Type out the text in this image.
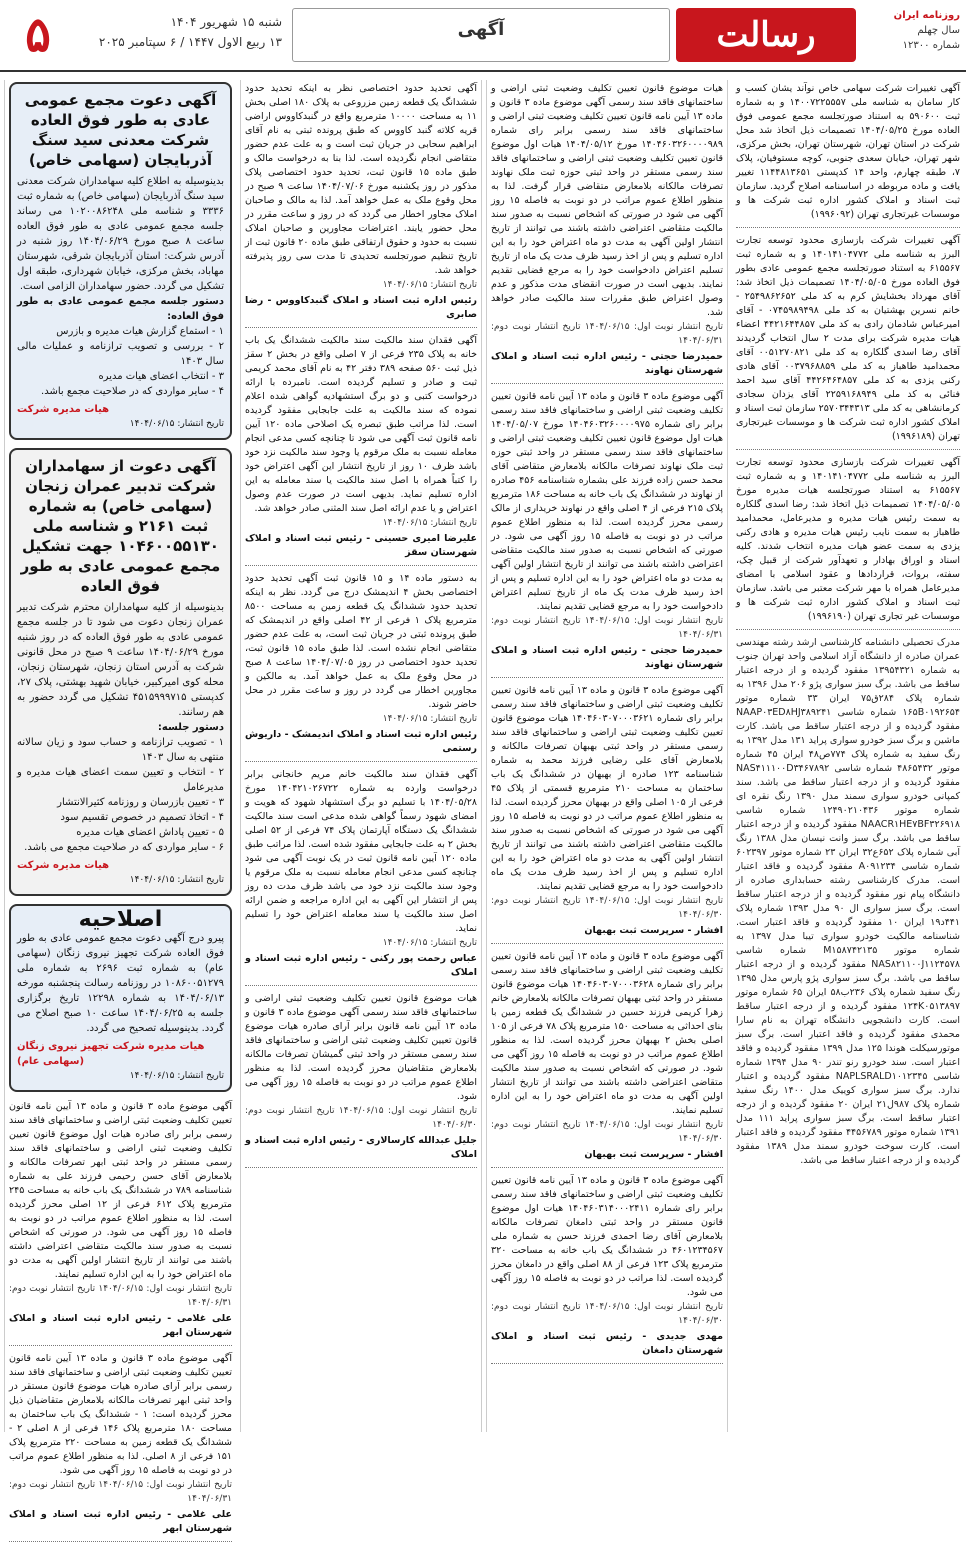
۵	شنبه ۱۵ شهریور ۱۴۰۴
۱۳ ربیع الاول ۱۴۴۷ / ۶ سپتامبر ۲۰۲۵
آگهی	رسالت	روزنامه ایران
سال چهلم
شماره ۱۲۳۰۰
آگهی تغییرات شرکت سهامی خاص نوآند یشان کسب و کار سامان به شناسه ملی ۱۴۰۰۷۲۲۵۵۵۷ و به شماره ثبت ۵۹۰۶۰۰ به استناد صورتجلسه مجمع عمومی فوق العاده مورخ ۱۴۰۴/۰۵/۲۵ تصمیمات ذیل اتخاذ شد محل شرکت در استان تهران، شهرستان تهران، بخش مرکزی، شهر تهران، خیابان سعدی جنوبی، کوچه مستوفیان، پلاک ۷، طبقه چهارم، واحد ۱۴ کدپستی ۱۱۴۴۸۱۳۶۵۱ تغییر یافت و ماده مربوطه در اساسنامه اصلاح گردید. سازمان ثبت اسناد و املاک کشور اداره ثبت شرکت ها و موسسات غیرتجاری تهران (۱۹۹۶۰۹۲)
آگهی تغییرات شرکت بازسازی محدود توسعه تجارت البرز به شناسه ملی ۱۴۰۱۴۱۰۴۷۷۲ و به شماره ثبت ۶۱۵۵۶۷ به استناد صورتجلسه مجمع عمومی عادی بطور فوق العاده مورخ ۱۴۰۴/۰۵/۰۵ تصمیمات ذیل اتخاذ شد: آقای مهرداد بخشایش کرم به کد ملی ۲۵۴۹۸۶۲۶۵۲ - خانم نسرین بهشتیان به کد ملی ۰۷۴۵۹۸۹۴۹۸ - آقای امیرعباس شادمان رادی به کد ملی ۴۴۲۱۶۴۴۸۵۷ اعضاء هیات مدیره شرکت برای مدت ۲ سال انتخاب گردیدند آقای رضا اسدی گلکاره به کد ملی ۰۰۵۱۲۷۰۸۲۱ آقای محمدامید طاهباز به کد ملی ۰۰۳۷۹۶۸۸۵۹ آقای هادی رکنی یزدی به کد ملی ۴۴۲۶۴۶۴۸۵۷ آقای سید احمد فنائی به کد ملی ۲۲۵۹۱۶۸۹۴۹ آقای یزدان سجادی کرمانشاهی به کد ملی ۲۵۷۰۳۴۴۳۱۳ سازمان ثبت اسناد و املاک کشور اداره ثبت شرکت ها و موسسات غیرتجاری تهران (۱۹۹۶۱۸۹)
آگهی تغییرات شرکت بازسازی محدود توسعه تجارت البرز به شناسه ملی ۱۴۰۱۴۱۰۴۷۷۲ و به شماره ثبت ۶۱۵۵۶۷ به استناد صورتجلسه هیات مدیره مورخ ۱۴۰۴/۰۵/۰۵ تصمیمات ذیل اتخاذ شد: رضا اسدی گلکاره به سمت رئیس هیات مدیره و مدیرعامل، محمدامید طاهباز به سمت نایب رئیس هیات مدیره و هادی رکنی یزدی به سمت عضو هیات مدیره انتخاب شدند. کلیه اسناد و اوراق بهادار و تعهدآور شرکت از قبیل چک، سفته، بروات، قراردادها و عقود اسلامی با امضای مدیرعامل همراه با مهر شرکت معتبر می باشد. سازمان ثبت اسناد و املاک کشور اداره ثبت شرکت ها و موسسات غیر تجاری تهران (۱۹۹۶۱۹۰)
مدرک تحصیلی دانشنامه کارشناسی ارشد رشته مهندسی عمران صادره از دانشگاه آزاد اسلامی واحد تهران جنوب به شماره ۱۳۹۵۴۳۲۱ مفقود گردیده و از درجه اعتبار ساقط می باشد. برگ سبز سواری پژو ۲۰۶ مدل ۱۳۹۶ به شماره پلاک ۲۸۴ق۷۵ ایران ۳۳ شماره موتور ۱۶۵B۰۱۹۲۶۵۴ شماره شاسی NAAP۰۳ED۸HJ۳۸۹۲۴۱ مفقود گردیده و از درجه اعتبار ساقط می باشد. کارت ماشین و برگ سبز خودرو سواری پراید ۱۳۱ مدل ۱۳۹۲ به رنگ سفید به شماره پلاک ۷۷۴ص۴۸ ایران ۴۵ شماره موتور ۴۸۶۵۴۳۲ شماره شاسی NAS۴۱۱۱۰۰D۳۴۶۷۸۹۲ مفقود گردیده و از درجه اعتبار ساقط می باشد. سند کمپانی خودرو سواری سمند مدل ۱۳۹۰ رنگ نقره ای شماره موتور ۱۲۴۹۰۲۱۰۴۳۶ شماره شاسی NAACR۱HE۷BF۳۲۶۹۱۸ مفقود گردیده و از درجه اعتبار ساقط می باشد. برگ سبز وانت نیسان مدل ۱۳۸۸ رنگ آبی شماره پلاک ۶۵۲ع۳۲ ایران ۲۳ شماره موتور ۶۰۲۳۹۷ شماره شاسی A۰۹۱۲۳۴ مفقود گردیده و فاقد اعتبار است. مدرک کارشناسی رشته حسابداری صادره از دانشگاه پیام نور مفقود گردیده و از درجه اعتبار ساقط است. برگ سبز سواری ال ۹۰ مدل ۱۳۹۳ شماره پلاک ۴۴۱د۱۹ ایران ۱۰ مفقود گردیده و فاقد اعتبار است. شناسنامه مالکیت خودرو سواری تیبا مدل ۱۳۹۷ به شماره موتور M۱۵۸۷۴۲۱۳۵ شماره شاسی NAS۸۲۱۱۰۰J۱۱۲۴۵۷۸ مفقود گردیده و از درجه اعتبار ساقط می باشد. برگ سبز سواری پژو پارس مدل ۱۳۹۵ رنگ سفید شماره پلاک ۲۳۶ب۵۸ ایران ۶۵ شماره موتور ۱۲۴K۰۵۱۳۸۹۷ مفقود گردیده و از درجه اعتبار ساقط است. کارت دانشجویی دانشگاه تهران به نام سارا محمدی مفقود گردیده و فاقد اعتبار است. برگ سبز موتورسیکلت هوندا ۱۲۵ مدل ۱۳۹۹ مفقود گردیده و فاقد اعتبار است. سند خودرو رنو تندر ۹۰ مدل ۱۳۹۴ شماره شاسی NAPLSRALD۱۰۱۲۳۴۵ مفقود گردیده و اعتبار ندارد. برگ سبز سواری کوییک مدل ۱۴۰۰ رنگ سفید شماره پلاک ۹۸۷ل۲۱ ایران ۲۰ مفقود گردیده و از درجه اعتبار ساقط است. برگ سبز سواری پراید ۱۱۱ مدل ۱۳۹۱ شماره موتور ۴۴۵۶۷۸۹ مفقود گردیده و فاقد اعتبار است. کارت سوخت خودرو سمند مدل ۱۳۸۹ مفقود گردیده و از درجه اعتبار ساقط می باشد.
هیات موضوع قانون تعیین تکلیف وضعیت ثبتی اراضی و ساختمانهای فاقد سند رسمی آگهی موضوع ماده ۳ قانون و ماده ۱۳ آیین نامه قانون تعیین تکلیف وضعیت ثبتی اراضی و ساختمانهای فاقد سند رسمی برابر رای شماره ۱۴۰۴۶۰۳۲۶۰۰۰۰۹۸۹ مورخ ۱۴۰۴/۰۵/۱۲ هیات اول موضوع قانون تعیین تکلیف وضعیت ثبتی اراضی و ساختمانهای فاقد سند رسمی مستقر در واحد ثبتی حوزه ثبت ملک نهاوند تصرفات مالکانه بلامعارض متقاضی قرار گرفت. لذا به منظور اطلاع عموم مراتب در دو نوبت به فاصله ۱۵ روز آگهی می شود در صورتی که اشخاص نسبت به صدور سند مالکیت متقاضی اعتراضی داشته باشند می توانند از تاریخ انتشار اولین آگهی به مدت دو ماه اعتراض خود را به این اداره تسلیم و پس از اخذ رسید ظرف مدت یک ماه از تاریخ تسلیم اعتراض دادخواست خود را به مرجع قضایی تقدیم نمایند. بدیهی است در صورت انقضای مدت مذکور و عدم وصول اعتراض طبق مقررات سند مالکیت صادر خواهد شد.
تاریخ انتشار نوبت اول: ۱۴۰۴/۰۶/۱۵ تاریخ انتشار نوبت دوم: ۱۴۰۴/۰۶/۳۱
حمیدرضا حجتی - رئیس اداره ثبت اسناد و املاک شهرستان نهاوند
آگهی موضوع ماده ۳ قانون و ماده ۱۳ آیین نامه قانون تعیین تکلیف وضعیت ثبتی اراضی و ساختمانهای فاقد سند رسمی برابر رای شماره ۱۴۰۴۶۰۳۲۶۰۰۰۰۹۷۵ مورخ ۱۴۰۴/۰۵/۰۷ هیات اول موضوع قانون تعیین تکلیف وضعیت ثبتی اراضی و ساختمانهای فاقد سند رسمی مستقر در واحد ثبتی حوزه ثبت ملک نهاوند تصرفات مالکانه بلامعارض متقاضی آقای محمد حسن زاده فرزند علی بشماره شناسنامه ۴۵۶ صادره از نهاوند در ششدانگ یک باب خانه به مساحت ۱۸۶ مترمربع پلاک ۲۱۵ فرعی از ۴ اصلی واقع در نهاوند خریداری از مالک رسمی محرز گردیده است. لذا به منظور اطلاع عموم مراتب در دو نوبت به فاصله ۱۵ روز آگهی می شود. در صورتی که اشخاص نسبت به صدور سند مالکیت متقاضی اعتراضی داشته باشند می توانند از تاریخ انتشار اولین آگهی به مدت دو ماه اعتراض خود را به این اداره تسلیم و پس از اخذ رسید ظرف مدت یک ماه از تاریخ تسلیم اعتراض دادخواست خود را به مرجع قضایی تقدیم نمایند.
تاریخ انتشار نوبت اول: ۱۴۰۴/۰۶/۱۵ تاریخ انتشار نوبت دوم: ۱۴۰۴/۰۶/۳۱
حمیدرضا حجتی - رئیس اداره ثبت اسناد و املاک شهرستان نهاوند
آگهی موضوع ماده ۳ قانون و ماده ۱۳ آیین نامه قانون تعیین تکلیف وضعیت ثبتی اراضی و ساختمانهای فاقد سند رسمی برابر رای شماره ۱۴۰۴۶۰۳۰۷۰۰۰۳۶۲۱ هیات موضوع قانون تعیین تکلیف وضعیت ثبتی اراضی و ساختمانهای فاقد سند رسمی مستقر در واحد ثبتی بهبهان تصرفات مالکانه و بلامعارض آقای علی رضایی فرزند محمد به شماره شناسنامه ۱۲۳ صادره از بهبهان در ششدانگ یک باب ساختمان به مساحت ۲۱۰ مترمربع قسمتی از پلاک ۴۵ فرعی از ۱۰۵ اصلی واقع در بهبهان محرز گردیده است. لذا به منظور اطلاع عموم مراتب در دو نوبت به فاصله ۱۵ روز آگهی می شود در صورتی که اشخاص نسبت به صدور سند مالکیت متقاضی اعتراضی داشته باشند می توانند از تاریخ انتشار اولین آگهی به مدت دو ماه اعتراض خود را به این اداره تسلیم و پس از اخذ رسید ظرف مدت یک ماه دادخواست خود را به مرجع قضایی تقدیم نمایند.
تاریخ انتشار نوبت اول: ۱۴۰۴/۰۶/۱۵ تاریخ انتشار نوبت دوم: ۱۴۰۴/۰۶/۳۰
افشار - سرپرست ثبت بهبهان
آگهی موضوع ماده ۳ قانون و ماده ۱۳ آیین نامه قانون تعیین تکلیف وضعیت ثبتی اراضی و ساختمانهای فاقد سند رسمی برابر رای شماره ۱۴۰۴۶۰۳۰۷۰۰۰۳۶۲۸ هیات موضوع قانون مستقر در واحد ثبتی بهبهان تصرفات مالکانه بلامعارض خانم زهرا کریمی فرزند حسین در ششدانگ یک قطعه زمین با بنای احداثی به مساحت ۱۵۰ مترمربع پلاک ۷۸ فرعی از ۱۰۵ اصلی بخش ۲ بهبهان محرز گردیده است. لذا به منظور اطلاع عموم مراتب در دو نوبت به فاصله ۱۵ روز آگهی می شود. در صورتی که اشخاص نسبت به صدور سند مالکیت متقاضی اعتراضی داشته باشند می توانند از تاریخ انتشار اولین آگهی به مدت دو ماه اعتراض خود را به این اداره تسلیم نمایند.
تاریخ انتشار نوبت اول: ۱۴۰۴/۰۶/۱۵ تاریخ انتشار نوبت دوم: ۱۴۰۴/۰۶/۳۰
افشار - سرپرست ثبت بهبهان
آگهی موضوع ماده ۳ قانون و ماده ۱۳ آیین نامه قانون تعیین تکلیف وضعیت ثبتی اراضی و ساختمانهای فاقد سند رسمی برابر رای شماره ۱۴۰۴۶۰۳۱۴۰۰۰۲۴۱۱ هیات اول موضوع قانون مستقر در واحد ثبتی دامغان تصرفات مالکانه بلامعارض آقای رضا احمدی فرزند حسن به شماره ملی ۴۶۰۱۲۳۴۵۶۷ در ششدانگ یک باب خانه به مساحت ۳۲۰ مترمربع پلاک ۱۲۳ فرعی از ۸۸ اصلی واقع در دامغان محرز گردیده است. لذا مراتب در دو نوبت به فاصله ۱۵ روز آگهی می شود.
تاریخ انتشار نوبت اول: ۱۴۰۴/۰۶/۱۵ تاریخ انتشار نوبت دوم: ۱۴۰۴/۰۶/۳۰
مهدی جدیدی - رئیس ثبت اسناد و املاک شهرستان دامغان
آگهی تحدید حدود اختصاصی نظر به اینکه تحدید حدود ششدانگ یک قطعه زمین مزروعی به پلاک ۱۸۰ اصلی بخش ۱۱ به مساحت ۱۰۰۰۰ مترمربع واقع در گنبدکاووس اراضی قریه کلاته گنبد کاووس که طبق پرونده ثبتی به نام آقای ابراهیم سحابی در جریان ثبت است و به علت عدم حضور متقاضی انجام نگردیده است. لذا بنا به درخواست مالک و طبق ماده ۱۵ قانون ثبت، تحدید حدود اختصاصی پلاک مذکور در روز یکشنبه مورخ ۱۴۰۴/۰۷/۰۶ ساعت ۹ صبح در محل وقوع ملک به عمل خواهد آمد. لذا به مالک و صاحبان املاک مجاور اخطار می گردد که در روز و ساعت مقرر در محل حضور یابند. اعتراضات مجاورین و صاحبان املاک نسبت به حدود و حقوق ارتفاقی طبق ماده ۲۰ قانون ثبت از تاریخ تنظیم صورتجلسه تحدیدی تا مدت سی روز پذیرفته خواهد شد.
تاریخ انتشار: ۱۴۰۴/۰۶/۱۵
رئیس اداره ثبت اسناد و املاک گنبدکاووس - رضا صابری
آگهی فقدان سند مالکیت سند مالکیت ششدانگ یک باب خانه به پلاک ۲۳۵ فرعی از ۷ اصلی واقع در بخش ۲ سقز ذیل ثبت ۵۶۰ صفحه ۳۸۹ دفتر ۴۲ به نام آقای محمد کریمی ثبت و صادر و تسلیم گردیده است. نامبرده با ارائه درخواست کتبی و دو برگ استشهادیه گواهی شده اعلام نموده که سند مالکیت به علت جابجایی مفقود گردیده است. لذا مراتب طبق تبصره یک اصلاحی ماده ۱۲۰ آیین نامه قانون ثبت آگهی می شود تا چنانچه کسی مدعی انجام معامله نسبت به ملک مرقوم یا وجود سند مالکیت نزد خود باشد ظرف ۱۰ روز از تاریخ انتشار این آگهی اعتراض خود را کتباً همراه با اصل سند مالکیت یا سند معامله به این اداره تسلیم نماید. بدیهی است در صورت عدم وصول اعتراض و یا عدم ارائه اصل سند المثنی صادر خواهد شد.
تاریخ انتشار: ۱۴۰۴/۰۶/۱۵
علیرضا امیری حسینی - رئیس ثبت اسناد و املاک شهرستان سقز
به دستور ماده ۱۴ و ۱۵ قانون ثبت آگهی تحدید حدود اختصاصی بخش ۴ اندیمشک درج می گردد. نظر به اینکه تحدید حدود ششدانگ یک قطعه زمین به مساحت ۸۵۰۰ مترمربع پلاک ۱ فرعی از ۴۲ اصلی واقع در اندیمشک که طبق پرونده ثبتی در جریان ثبت است، به علت عدم حضور متقاضی انجام نشده است. لذا طبق ماده ۱۵ قانون ثبت، تحدید حدود اختصاصی در روز ۱۴۰۴/۰۷/۰۵ ساعت ۸ صبح در محل وقوع ملک به عمل خواهد آمد. به مالکین و مجاورین اخطار می گردد در روز و ساعت مقرر در محل حاضر شوند.
تاریخ انتشار: ۱۴۰۴/۰۶/۱۵
رئیس اداره ثبت اسناد و املاک اندیمشک - داریوش رستمی
آگهی فقدان سند مالکیت خانم مریم خانجانی برابر درخواست وارده به شماره ۱۴۰۴۲۱۰۲۶۷۲۲ مورخ ۱۴۰۴/۰۵/۲۸ با تسلیم دو برگ استشهاد شهود که هویت و امضای شهود رسماً گواهی شده مدعی است سند مالکیت ششدانگ یک دستگاه آپارتمان پلاک ۷۴ فرعی از ۵۲ اصلی بخش ۲ به علت جابجایی مفقود شده است. لذا مراتب طبق ماده ۱۲۰ آیین نامه قانون ثبت در یک نوبت آگهی می شود چنانچه کسی مدعی انجام معامله نسبت به ملک مرقوم یا وجود سند مالکیت نزد خود می باشد ظرف مدت ده روز پس از انتشار این آگهی به این اداره مراجعه و ضمن ارائه اصل سند مالکیت یا سند معامله اعتراض خود را تسلیم نماید.
تاریخ انتشار: ۱۴۰۴/۰۶/۱۵
عباس رحمت پور رکنی - رئیس اداره ثبت اسناد و املاک
هیات موضوع قانون تعیین تکلیف وضعیت ثبتی اراضی و ساختمانهای فاقد سند رسمی آگهی موضوع ماده ۳ قانون و ماده ۱۳ آیین نامه قانون برابر آرای صادره هیات موضوع قانون تعیین تکلیف وضعیت ثبتی اراضی و ساختمانهای فاقد سند رسمی مستقر در واحد ثبتی گمیشان تصرفات مالکانه بلامعارض متقاضیان محرز گردیده است. لذا به منظور اطلاع عموم مراتب در دو نوبت به فاصله ۱۵ روز آگهی می شود.
تاریخ انتشار نوبت اول: ۱۴۰۴/۰۶/۱۵ تاریخ انتشار نوبت دوم: ۱۴۰۴/۰۶/۳۰
جلیل عبدالله کارسالاری - رئیس اداره ثبت اسناد و املاک
آگهی دعوت مجمع عمومی عادی به طور فوق العاده شرکت معدنی سید سنگ آذربایجان (سهامی خاص)
بدینوسیله به اطلاع کلیه سهامداران شرکت معدنی سید سنگ آذربایجان (سهامی خاص) به شماره ثبت ۳۳۳۶ و شناسه ملی ۱۰۲۰۰۸۶۲۴۸ می رساند جلسه مجمع عمومی عادی به طور فوق العاده ساعت ۸ صبح مورخ ۱۴۰۴/۰۶/۲۹ روز شنبه در آدرس شرکت: استان آذربایجان شرقی، شهرستان مهاباد، بخش مرکزی، خیابان شهرداری، طبقه اول تشکیل می گردد. حضور سهامداران الزامی است.
دستور جلسه مجمع عمومی عادی به طور فوق العاده:
۱ - استماع گزارش هیات مدیره و بازرس
۲ - بررسی و تصویب ترازنامه و عملیات مالی سال ۱۴۰۳
۳ - انتخاب اعضای هیات مدیره
۴ - سایر مواردی که در صلاحیت مجمع باشد.
هیات مدیره شرکت
تاریخ انتشار: ۱۴۰۴/۰۶/۱۵
آگهی دعوت از سهامداران شرکت تدبیر عمران زنجان (سهامی خاص) به شماره ثبت ۲۱۶۱ و شناسه ملی ۱۰۴۶۰۰۵۵۱۳۰ جهت تشکیل مجمع عمومی عادی به طور فوق العاده
بدینوسیله از کلیه سهامداران محترم شرکت تدبیر عمران زنجان دعوت می شود تا در جلسه مجمع عمومی عادی به طور فوق العاده که در روز شنبه مورخ ۱۴۰۴/۰۶/۲۹ ساعت ۹ صبح در محل قانونی شرکت به آدرس استان زنجان، شهرستان زنجان، محله کوی امیرکبیر، خیابان شهید بهشتی، پلاک ۲۷، کدپستی ۴۵۱۵۹۹۹۷۱۵ تشکیل می گردد حضور به هم رسانند.
دستور جلسه:
۱ - تصویب ترازنامه و حساب سود و زیان سالانه منتهی به سال ۱۴۰۳
۲ - انتخاب و تعیین سمت اعضای هیات مدیره و مدیرعامل
۳ - تعیین بازرسان و روزنامه کثیرالانتشار
۴ - اتخاذ تصمیم در خصوص تقسیم سود
۵ - تعیین پاداش اعضای هیات مدیره
۶ - سایر مواردی که در صلاحیت مجمع می باشد.
هیات مدیره شرکت
تاریخ انتشار: ۱۴۰۴/۰۶/۱۵
اصلاحیه
پیرو درج آگهی دعوت مجمع عمومی عادی به طور فوق العاده شرکت تجهیز نیروی زنگان (سهامی عام) به شماره ثبت ۲۶۹۶ به شماره ملی ۱۰۸۶۰۰۵۱۲۷۹ در روزنامه رسالت پنجشنبه مورخه ۱۴۰۴/۰۶/۱۳ به شماره ۱۲۲۹۸ تاریخ برگزاری جلسه به ۱۴۰۴/۰۶/۲۵ ساعت ۱۰ صبح اصلاح می گردد. بدینوسیله تصحیح می گردد.
هیات مدیره شرکت تجهیز نیروی زنگان (سهامی عام)
تاریخ انتشار: ۱۴۰۴/۰۶/۱۵
آگهی موضوع ماده ۳ قانون و ماده ۱۳ آیین نامه قانون تعیین تکلیف وضعیت ثبتی اراضی و ساختمانهای فاقد سند رسمی برابر رای صادره هیات اول موضوع قانون تعیین تکلیف وضعیت ثبتی اراضی و ساختمانهای فاقد سند رسمی مستقر در واحد ثبتی ابهر تصرفات مالکانه و بلامعارض آقای حسن رحیمی فرزند علی به شماره شناسنامه ۷۸۹ در ششدانگ یک باب خانه به مساحت ۲۴۵ مترمربع پلاک ۶۱۲ فرعی از ۱۲ اصلی محرز گردیده است. لذا به منظور اطلاع عموم مراتب در دو نوبت به فاصله ۱۵ روز آگهی می شود. در صورتی که اشخاص نسبت به صدور سند مالکیت متقاضی اعتراضی داشته باشند می توانند از تاریخ انتشار اولین آگهی به مدت دو ماه اعتراض خود را به این اداره تسلیم نمایند.
تاریخ انتشار نوبت اول: ۱۴۰۴/۰۶/۱۵ تاریخ انتشار نوبت دوم: ۱۴۰۴/۰۶/۳۱
علی غلامی - رئیس اداره ثبت اسناد و املاک شهرستان ابهر
آگهی موضوع ماده ۳ قانون و ماده ۱۳ آیین نامه قانون تعیین تکلیف وضعیت ثبتی اراضی و ساختمانهای فاقد سند رسمی برابر آرای صادره هیات موضوع قانون مستقر در واحد ثبتی ابهر تصرفات مالکانه بلامعارض متقاضیان ذیل محرز گردیده است: ۱ - ششدانگ یک باب ساختمان به مساحت ۱۸۰ مترمربع پلاک ۱۴۶ فرعی از ۸ اصلی ۲ - ششدانگ یک قطعه زمین به مساحت ۲۲۰ مترمربع پلاک ۱۵۱ فرعی از ۸ اصلی. لذا به منظور اطلاع عموم مراتب در دو نوبت به فاصله ۱۵ روز آگهی می شود.
تاریخ انتشار نوبت اول: ۱۴۰۴/۰۶/۱۵ تاریخ انتشار نوبت دوم: ۱۴۰۴/۰۶/۳۱
علی غلامی - رئیس اداره ثبت اسناد و املاک شهرستان ابهر
